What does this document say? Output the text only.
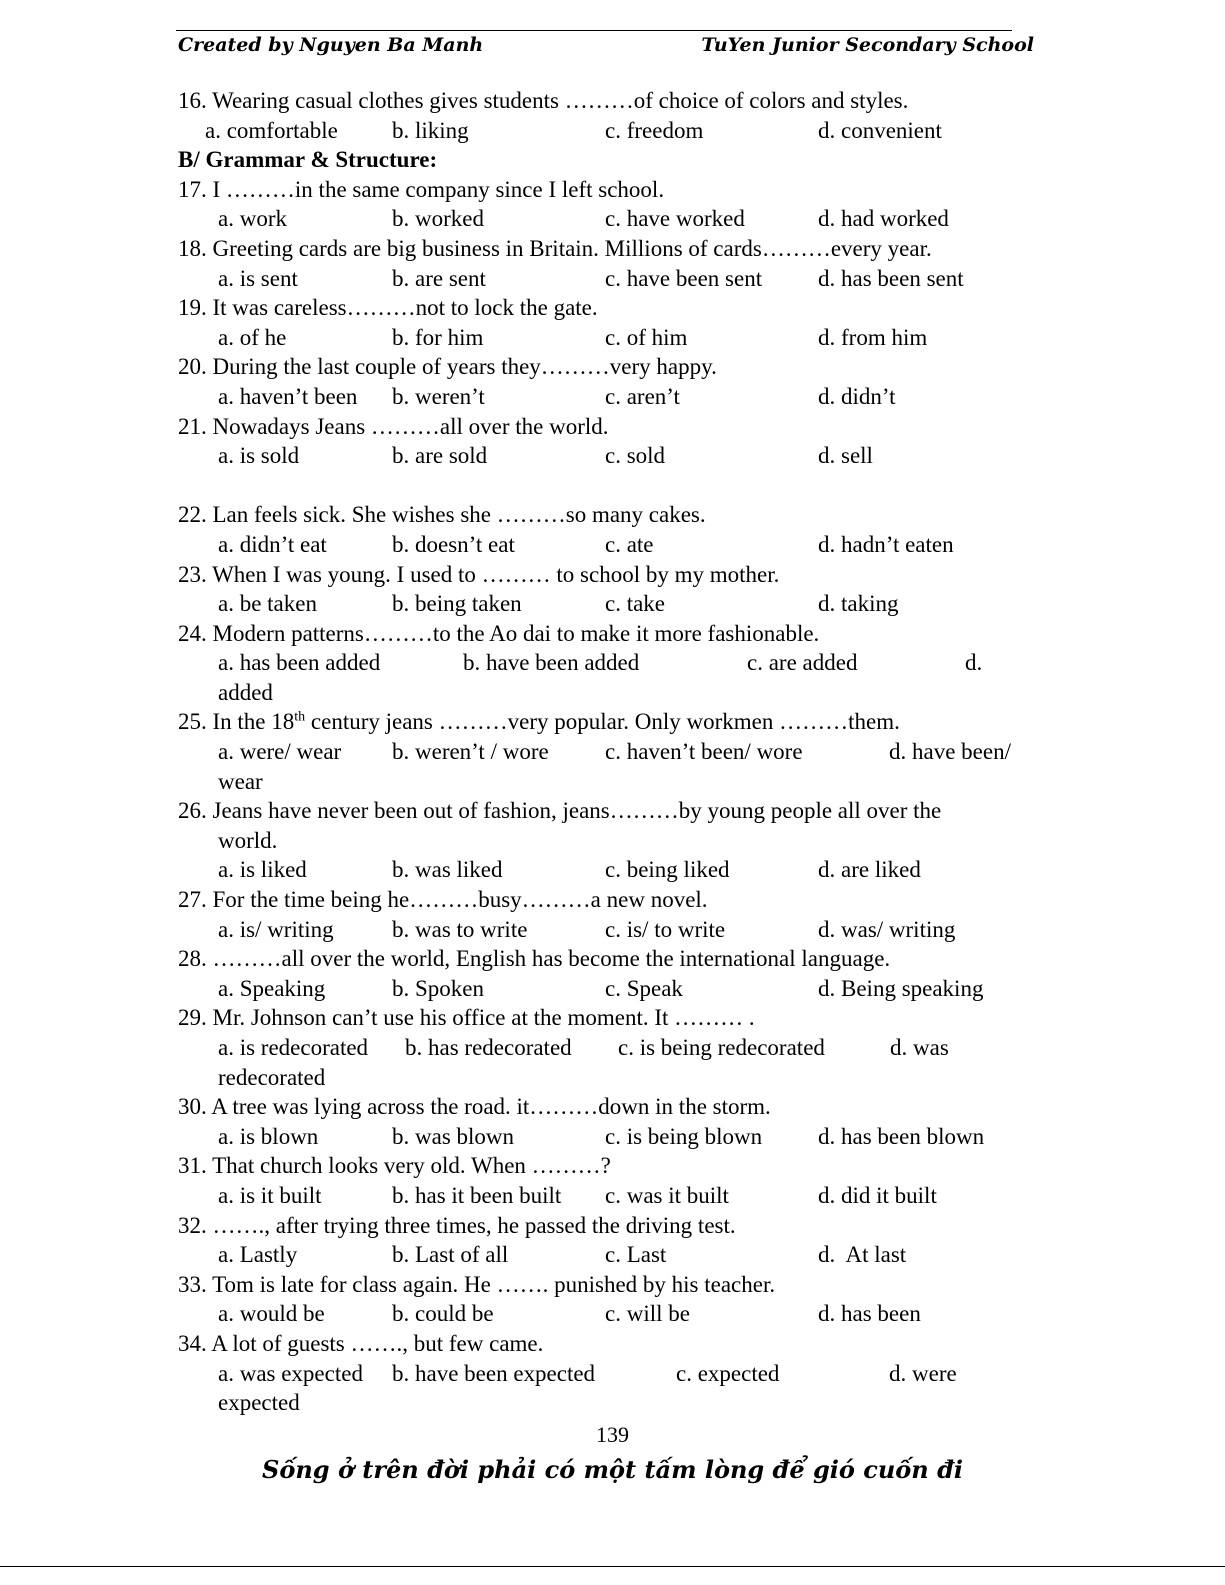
Created by Nguyen Ba Manh	TuYen Junior Secondary School
16. Wearing casual clothes gives students ………of choice of colors and styles.
a. comfortable b. liking	c. freedom	d. convenient
B/ Grammar & Structure:
17. I ………in the same company since I left school.
a. work	b. worked	c. have worked	d. had worked
18. Greeting cards are big business in Britain. Millions of cards………every year.
a. is sent	b. are sent	c. have been sent d. has been sent
19. It was careless………not to lock the gate.
a. of he	b. for him	c. of him	d. from him
20. During the last couple of years they………very happy.
a. haven’t been b. weren’t	c. aren’t	d. didn’t
21. Nowadays Jeans ………all over the world.
a. is sold	b. are sold	c. sold	d. sell
22. Lan feels sick. She wishes she ………so many cakes.
a. didn’t eat	b. doesn’t eat	c. ate	d. hadn’t eaten
23. When I was young. I used to ……… to school by my mother.
a. be taken	b. being taken	c. take	d. taking
24. Modern patterns………to the Ao dai to make it more fashionable.
a. has been added	b. have been added	c. are added	d.
added
25. In the 18th century jeans ………very popular. Only workmen ………them.
a. were/ wear b. weren’t / wore c. haven’t been/ wore	d. have been/
wear
26. Jeans have never been out of fashion, jeans………by young people all over the
world.
a. is liked	b. was liked	c. being liked	d. are liked
27. For the time being he………busy………a new novel.
a. is/ writing	b. was to write	c. is/ to write	d. was/ writing
28. ………all over the world, English has become the international language.
a. Speaking	b. Spoken	c. Speak	d. Being speaking
29. Mr. Johnson can’t use his office at the moment. It ……… .
a. is redecorated b. has redecorated c. is being redecorated	d. was
redecorated
30. A tree was lying across the road. it………down in the storm.
a. is blown	b. was blown	c. is being blown d. has been blown
31. That church looks very old. When ………?
a. is it built	b. has it been built c. was it built	d. did it built
32. ……., after trying three times, he passed the driving test.
a. Lastly	b. Last of all	c. Last	d.  At last
33. Tom is late for class again. He ……. punished by his teacher.
a. would be	b. could be	c. will be	d. has been
34. A lot of guests ……., but few came.
a. was expected b. have been expected	c. expected	d. were
expected
139
Sống ở trên đời phải có một tấm lòng để gió cuốn đi
